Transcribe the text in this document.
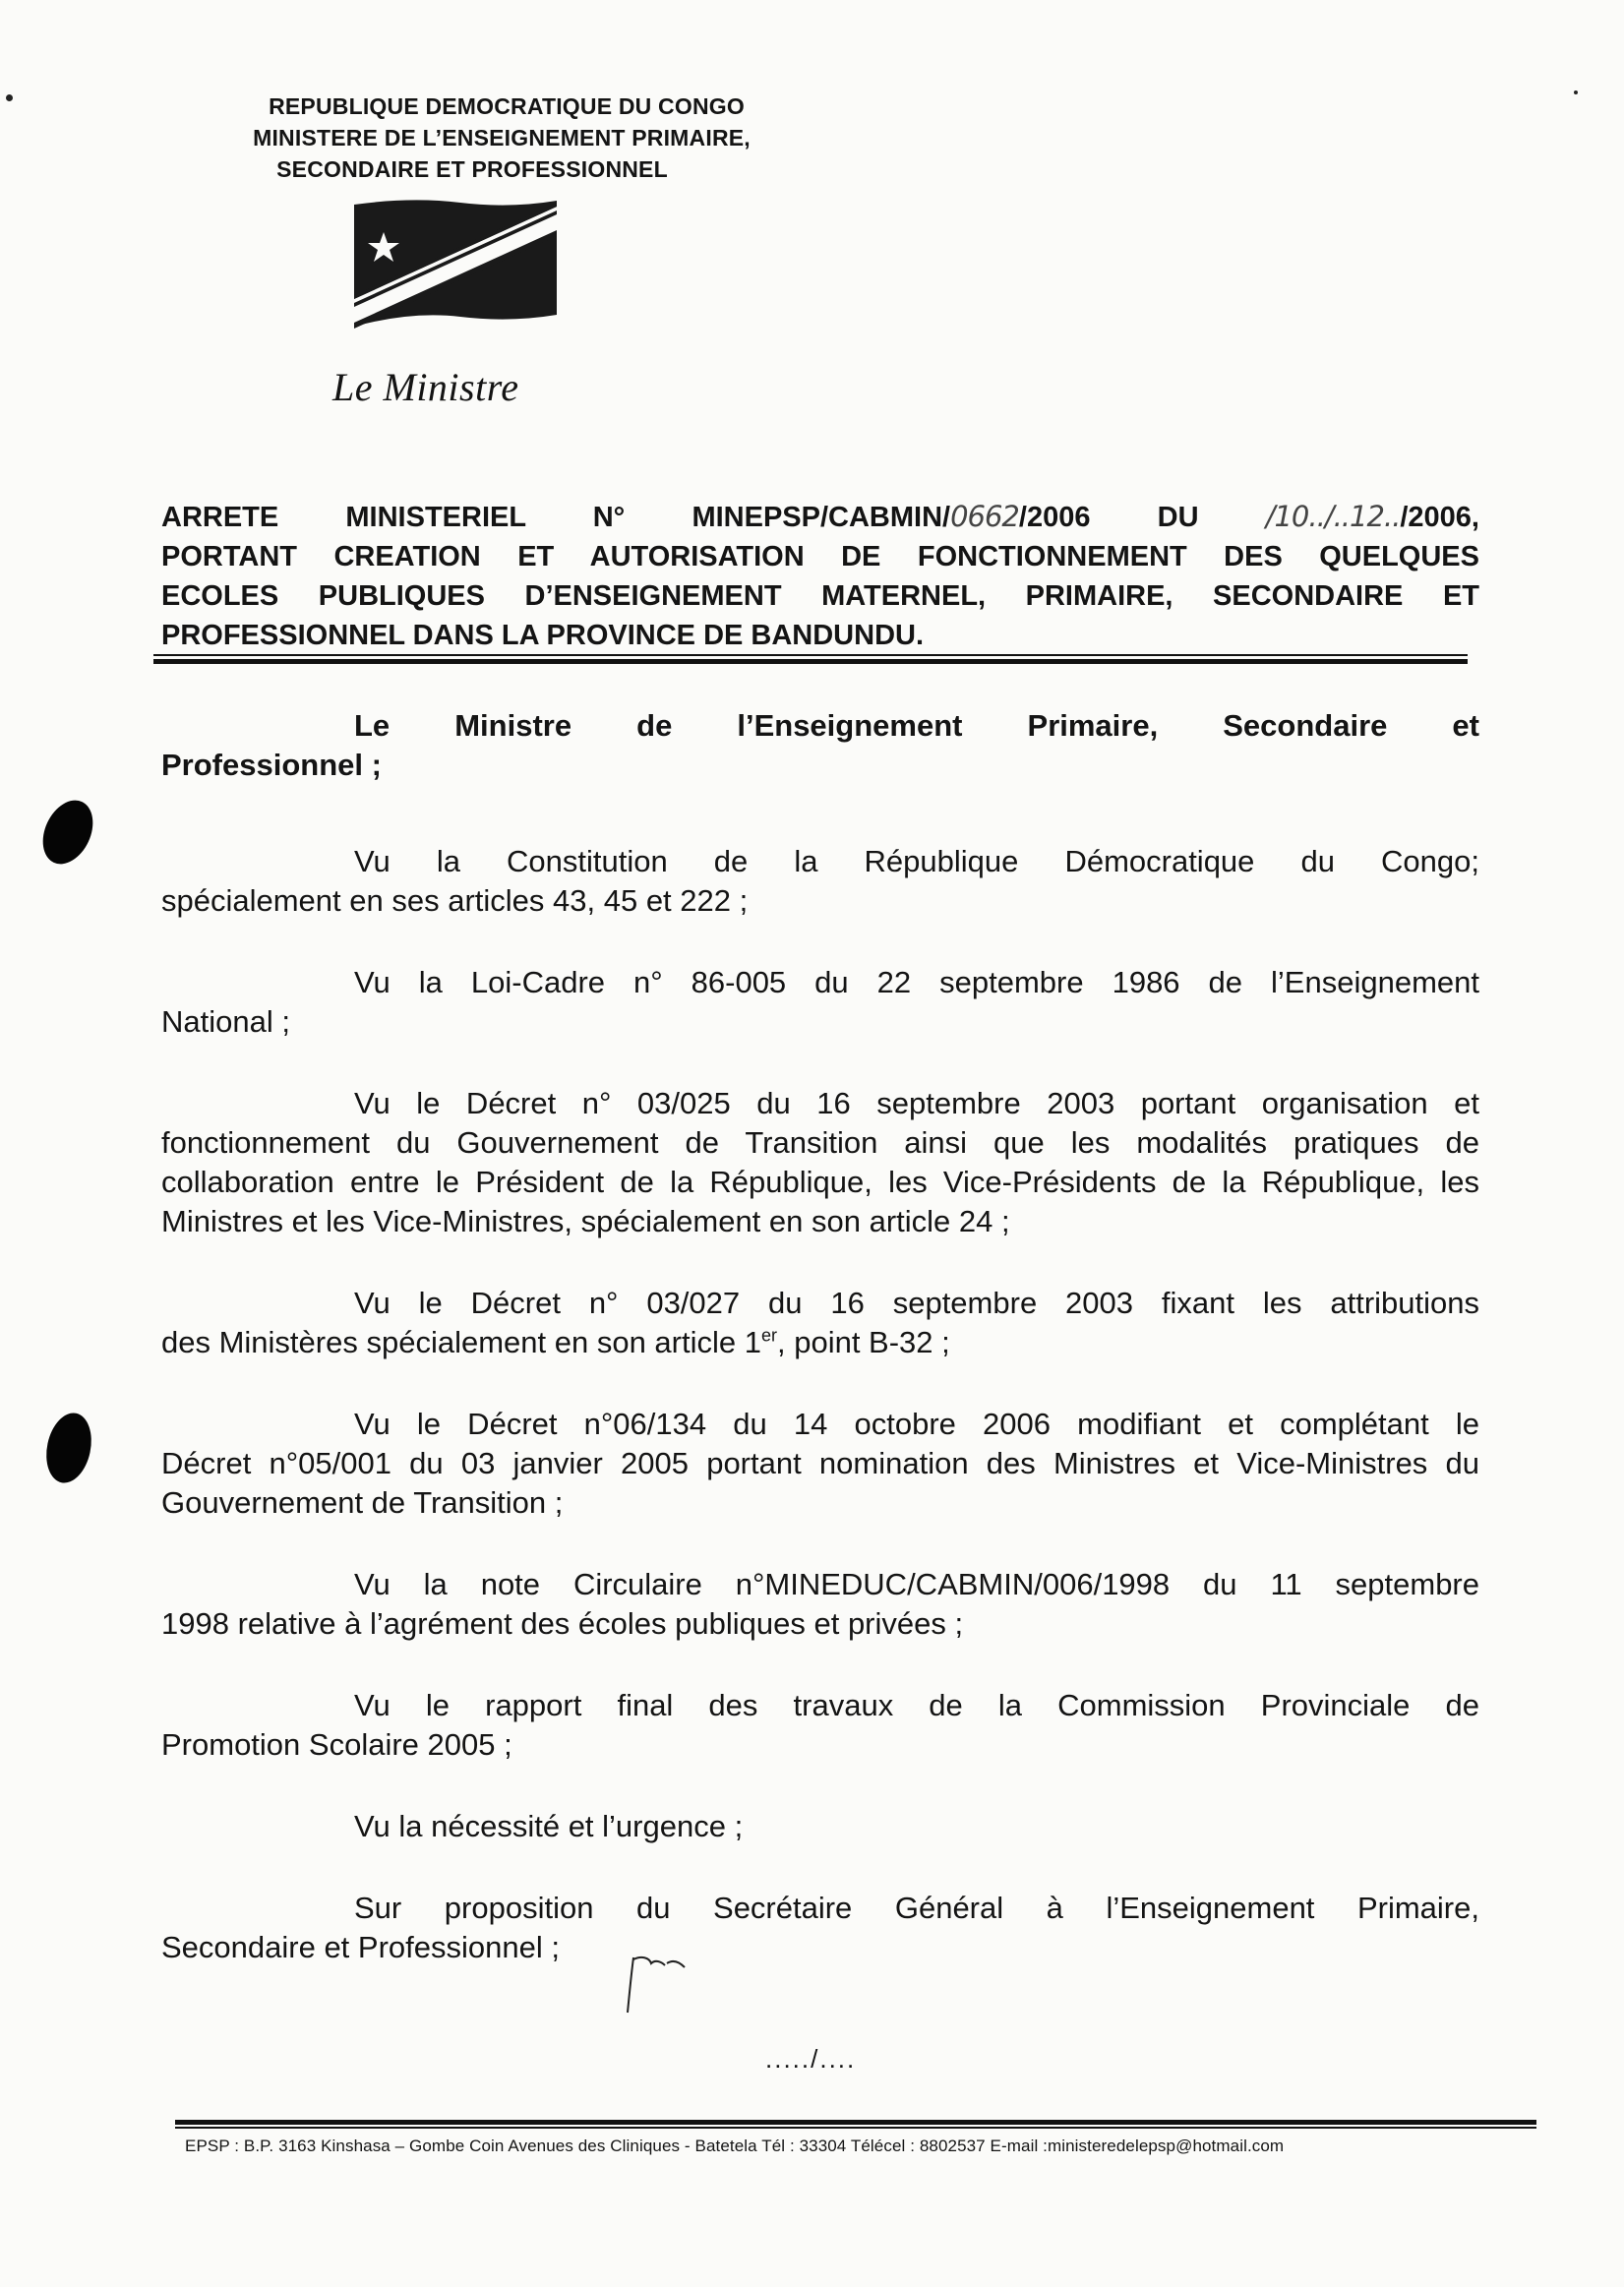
REPUBLIQUE DEMOCRATIQUE DU CONGO
MINISTERE DE L’ENSEIGNEMENT PRIMAIRE,
SECONDAIRE ET PROFESSIONNEL
Le Ministre
ARRETE MINISTERIEL N° MINEPSP/CABMIN/0662/2006 DU /10../..12../2006,
PORTANT CREATION ET AUTORISATION DE FONCTIONNEMENT DES QUELQUES
ECOLES PUBLIQUES D’ENSEIGNEMENT MATERNEL, PRIMAIRE, SECONDAIRE ET
PROFESSIONNEL DANS LA PROVINCE DE BANDUNDU.
Le Ministre de l’Enseignement Primaire, Secondaire et
Professionnel ;
Vu la Constitution de la République Démocratique du Congo;
spécialement en ses articles 43, 45 et 222 ;
Vu la Loi-Cadre n° 86-005 du 22 septembre 1986 de l’Enseignement
National ;
Vu le Décret n° 03/025 du 16 septembre 2003 portant organisation et
fonctionnement du Gouvernement de Transition ainsi que les modalités pratiques de collaboration entre le Président de la République, les Vice-Présidents de la République, les Ministres et les Vice-Ministres, spécialement en son article 24 ;
Vu le Décret n° 03/027 du 16 septembre 2003 fixant les attributions
des Ministères spécialement en son article 1er, point B-32 ;
Vu le Décret n°06/134 du 14 octobre 2006 modifiant et complétant le
Décret n°05/001 du 03 janvier 2005 portant nomination des Ministres et Vice-Ministres du Gouvernement de Transition ;
Vu la note Circulaire n°MINEDUC/CABMIN/006/1998 du 11 septembre
1998 relative à l’agrément des écoles publiques et privées ;
Vu le rapport final des travaux de la Commission Provinciale de
Promotion Scolaire 2005 ;
Vu la nécessité et l’urgence ;
Sur proposition du Secrétaire Général à l’Enseignement Primaire,
Secondaire et Professionnel ;
...../....
EPSP : B.P. 3163 Kinshasa – Gombe Coin Avenues des Cliniques - Batetela Tél : 33304 Télécel : 8802537 E-mail :ministeredelepsp@hotmail.com
